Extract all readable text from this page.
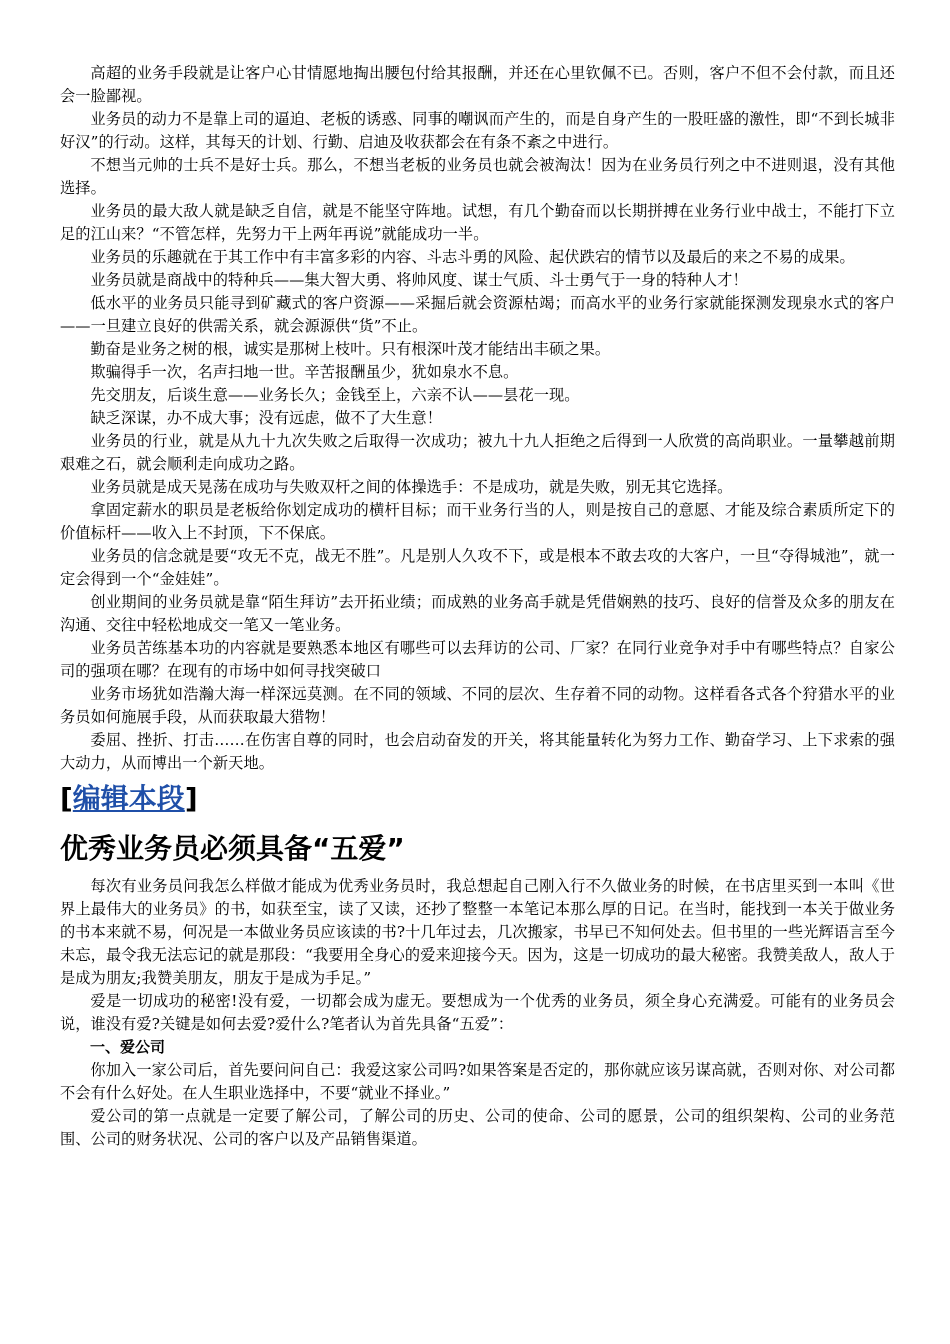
高超的业务手段就是让客户心甘情愿地掏出腰包付给其报酬，并还在心里钦佩不已。否则，客户不但不会付款，而且还会一脸鄙视。

业务员的动力不是靠上司的逼迫、老板的诱惑、同事的嘲讽而产生的，而是自身产生的一股旺盛的激性，即“不到长城非好汉”的行动。这样，其每天的计划、行勤、启迪及收获都会在有条不紊之中进行。

不想当元帅的士兵不是好士兵。那么，不想当老板的业务员也就会被淘汰！因为在业务员行列之中不进则退，没有其他选择。

业务员的最大敌人就是缺乏自信，就是不能坚守阵地。试想，有几个勤奋而以长期拼搏在业务行业中战士，不能打下立足的江山来？“不管怎样，先努力干上两年再说”就能成功一半。

业务员的乐趣就在于其工作中有丰富多彩的内容、斗志斗勇的风险、起伏跌宕的情节以及最后的来之不易的成果。

业务员就是商战中的特种兵——集大智大勇、将帅风度、谋士气质、斗士勇气于一身的特种人才！

低水平的业务员只能寻到矿藏式的客户资源——采掘后就会资源枯竭；而高水平的业务行家就能探测发现泉水式的客户——一旦建立良好的供需关系，就会源源供“货”不止。

勤奋是业务之树的根，诚实是那树上枝叶。只有根深叶茂才能结出丰硕之果。

欺骗得手一次，名声扫地一世。辛苦报酬虽少，犹如泉水不息。

先交朋友，后谈生意——业务长久；金钱至上，六亲不认——昙花一现。

缺乏深谋，办不成大事；没有远虑，做不了大生意！

业务员的行业，就是从九十九次失败之后取得一次成功；被九十九人拒绝之后得到一人欣赏的高尚职业。一量攀越前期艰难之石，就会顺利走向成功之路。

业务员就是成天晃荡在成功与失败双杆之间的体操选手：不是成功，就是失败，别无其它选择。

拿固定薪水的职员是老板给你划定成功的横杆目标；而干业务行当的人，则是按自己的意愿、才能及综合素质所定下的价值标杆——收入上不封顶，下不保底。

业务员的信念就是要“攻无不克，战无不胜”。凡是别人久攻不下，或是根本不敢去攻的大客户，一旦“夺得城池”，就一定会得到一个“金娃娃”。

创业期间的业务员就是靠“陌生拜访”去开拓业绩；而成熟的业务高手就是凭借娴熟的技巧、良好的信誉及众多的朋友在沟通、交往中轻松地成交一笔又一笔业务。

业务员苦练基本功的内容就是要熟悉本地区有哪些可以去拜访的公司、厂家？在同行业竞争对手中有哪些特点？自家公司的强项在哪？在现有的市场中如何寻找突破口

业务市场犹如浩瀚大海一样深远莫测。在不同的领域、不同的层次、生存着不同的动物。这样看各式各个狩猎水平的业务员如何施展手段，从而获取最大猎物！

委屈、挫折、打击……在伤害自尊的同时，也会启动奋发的开关，将其能量转化为努力工作、勤奋学习、上下求索的强大动力，从而博出一个新天地。

[编辑本段]
优秀业务员必须具备“五爱”

每次有业务员问我怎么样做才能成为优秀业务员时，我总想起自己刚入行不久做业务的时候，在书店里买到一本叫《世界上最伟大的业务员》的书，如获至宝，读了又读，还抄了整整一本笔记本那么厚的日记。在当时，能找到一本关于做业务的书本来就不易，何况是一本做业务员应该读的书?十几年过去，几次搬家，书早已不知何处去。但书里的一些光辉语言至今未忘，最令我无法忘记的就是那段：“我要用全身心的爱来迎接今天。因为，这是一切成功的最大秘密。我赞美敌人，敌人于是成为朋友;我赞美朋友，朋友于是成为手足。”

爱是一切成功的秘密!没有爱，一切都会成为虚无。要想成为一个优秀的业务员，须全身心充满爱。可能有的业务员会说，谁没有爱?关键是如何去爱?爱什么?笔者认为首先具备“五爱”：

一、爱公司

你加入一家公司后，首先要问问自己：我爱这家公司吗?如果答案是否定的，那你就应该另谋高就，否则对你、对公司都不会有什么好处。在人生职业选择中，不要“就业不择业。”

爱公司的第一点就是一定要了解公司，了解公司的历史、公司的使命、公司的愿景，公司的组织架构、公司的业务范围、公司的财务状况、公司的客户以及产品销售渠道。
